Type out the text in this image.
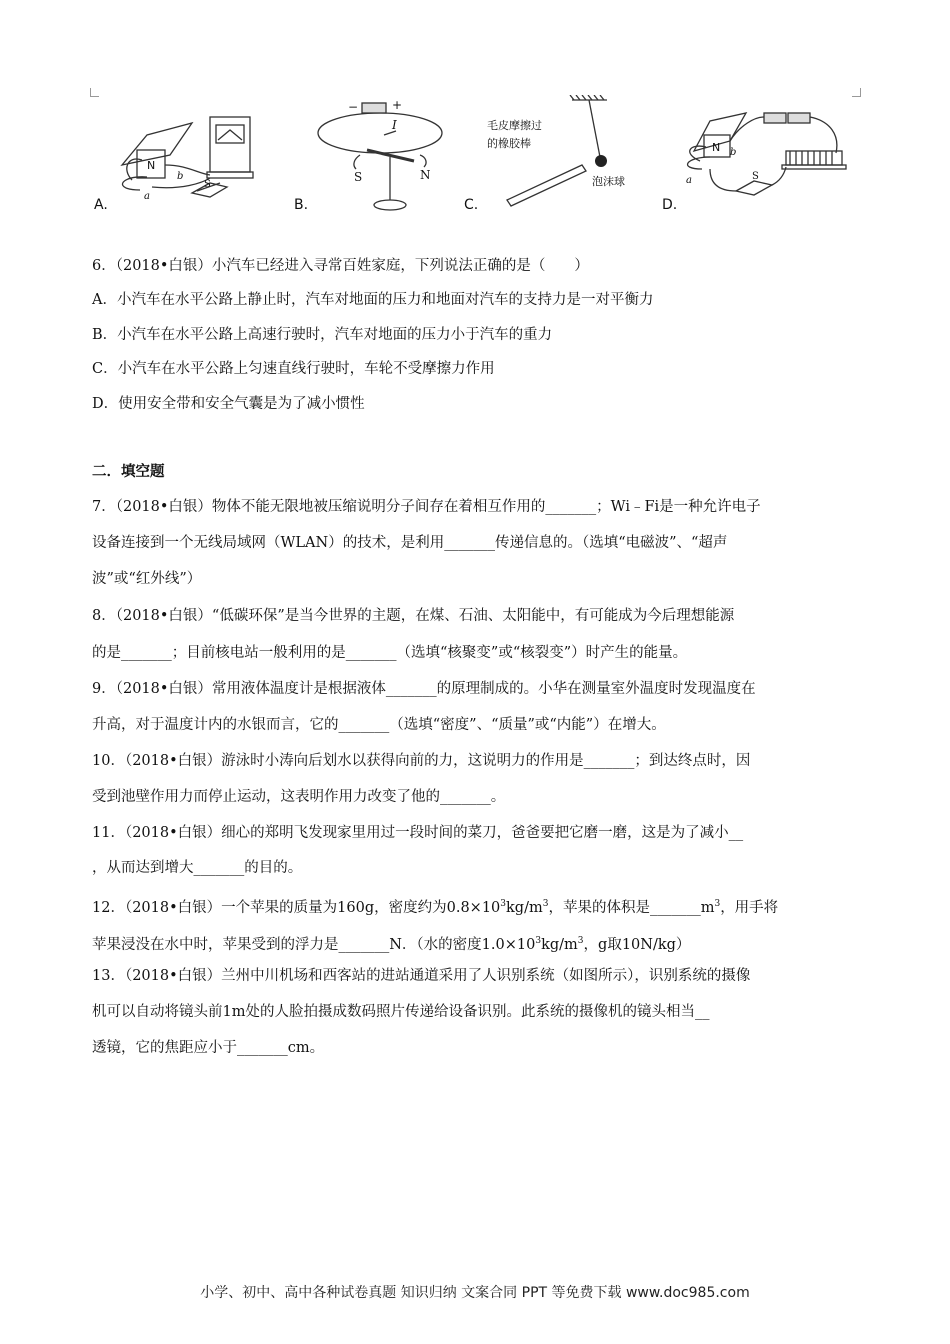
N
b
a
S
A.
−	+
I
S	N
B.
毛皮摩擦过
的橡胶棒
泡沫球
C.
N b
a	S
D.
6．（2018•白银）小汽车已经进入寻常百姓家庭，下列说法正确的是（　　）
A．小汽车在水平公路上静止时，汽车对地面的压力和地面对汽车的支持力是一对平衡力
B．小汽车在水平公路上高速行驶时，汽车对地面的压力小于汽车的重力
C．小汽车在水平公路上匀速直线行驶时，车轮不受摩擦力作用
D．使用安全带和安全气囊是为了减小惯性
二．填空题
7．（2018•白银）物体不能无限地被压缩说明分子间存在着相互作用的_______；Wi﹣Fi是一种允许电子
设备连接到一个无线局域网（WLAN）的技术，是利用_______传递信息的。（选填“电磁波”、“超声
波”或“红外线”）
8．（2018•白银）“低碳环保”是当今世界的主题，在煤、石油、太阳能中，有可能成为今后理想能源
的是_______；目前核电站一般利用的是_______（选填“核聚变”或“核裂变”）时产生的能量。
9．（2018•白银）常用液体温度计是根据液体_______的原理制成的。小华在测量室外温度时发现温度在
升高，对于温度计内的水银而言，它的_______（选填“密度”、“质量”或“内能”）在增大。
10．（2018•白银）游泳时小涛向后划水以获得向前的力，这说明力的作用是_______；到达终点时，因
受到池壁作用力而停止运动，这表明作用力改变了他的_______。
11．（2018•白银）细心的郑明飞发现家里用过一段时间的菜刀，爸爸要把它磨一磨，这是为了减小__
，从而达到增大_______的目的。
12．（2018•白银）一个苹果的质量为160g，密度约为$0.8\times 10^3kg/m^3$，苹果的体积是$\_\_\_\_\_\_\_m^3$，用手将
苹果浸没在水中时，苹果受到的浮力是_______N．（水的密度$1.0\times 10^3kg/m^3$，g取10N/kg）
13．（2018•白银）兰州中川机场和西客站的进站通道采用了人识别系统（如图所示），识别系统的摄像
机可以自动将镜头前1m处的人脸拍摄成数码照片传递给设备识别。此系统的摄像机的镜头相当__
透镜，它的焦距应小于_______cm。
小学、初中、高中各种试卷真题 知识归纳 文案合同 PPT 等免费下载 www.doc985.com
